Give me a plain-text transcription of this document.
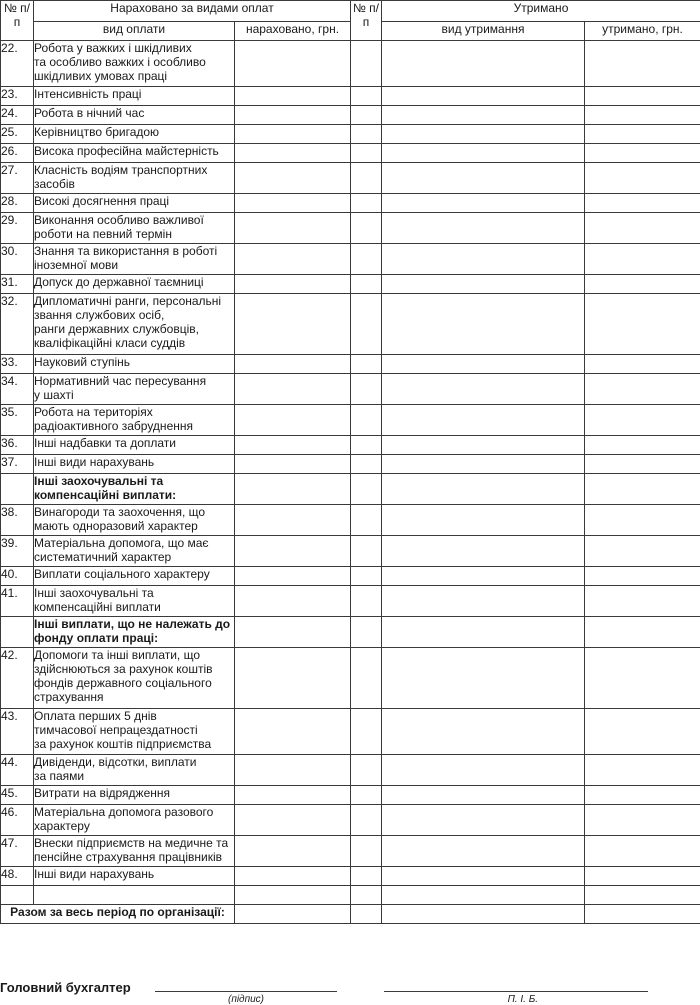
№ п/п	Нараховано за видами оплат		№ п/п	Утримано	
	вид оплати	нараховано, грн.		вид утримання	утримано, грн.
22.	Робота у важких і шкідливих
та особливо важких і особливо
шкідливих умовах праці				

23.	Інтенсивність праці				

24.	Робота в нічний час				

25.	Керівництво бригадою				

26.	Висока професійна майстерність				

27.	Класність водіям транспортних
засобів				

28.	Високі досягнення праці				

29.	Виконання особливо важливої
роботи на певний термін				

30.	Знання та використання в роботі
іноземної мови				

31.	Допуск до державної таємниці				

32.	Дипломатичні ранги, персональні
звання службових осіб,
ранги державних службовців,
кваліфікаційні класи суддів				

33.	Науковий ступінь				

34.	Нормативний час пересування
у шахті				

35.	Робота на територіях
радіоактивного забруднення				

36.	Інші надбавки та доплати				

37.	Інші види нарахувань				

	Інші заохочувальні та
компенсаційні виплати:				

38.	Винагороди та заохочення, що
мають одноразовий характер				

39.	Матеріальна допомога, що має
систематичний характер				

40.	Виплати соціального характеру				

41.	Інші заохочувальні та
компенсаційні виплати				

	Інші виплати, що не належать до
фонду оплати праці:				

42.	Допомоги та інші виплати, що
здійснюються за рахунок коштів
фондів державного соціального
страхування				

43.	Оплата перших 5 днів
тимчасової непрацездатності
за рахунок коштів підприємства				

44.	Дивіденди, відсотки, виплати
за паями				

45.	Витрати на відрядження				

46.	Матеріальна допомога разового
характеру				

47.	Внески підприємств на медичне та
пенсійне страхування працівників				

48.	Інші види нарахувань				

Разом за весь період по організації:					
Головний бухгалтер
(підпис)	П. І. Б.
